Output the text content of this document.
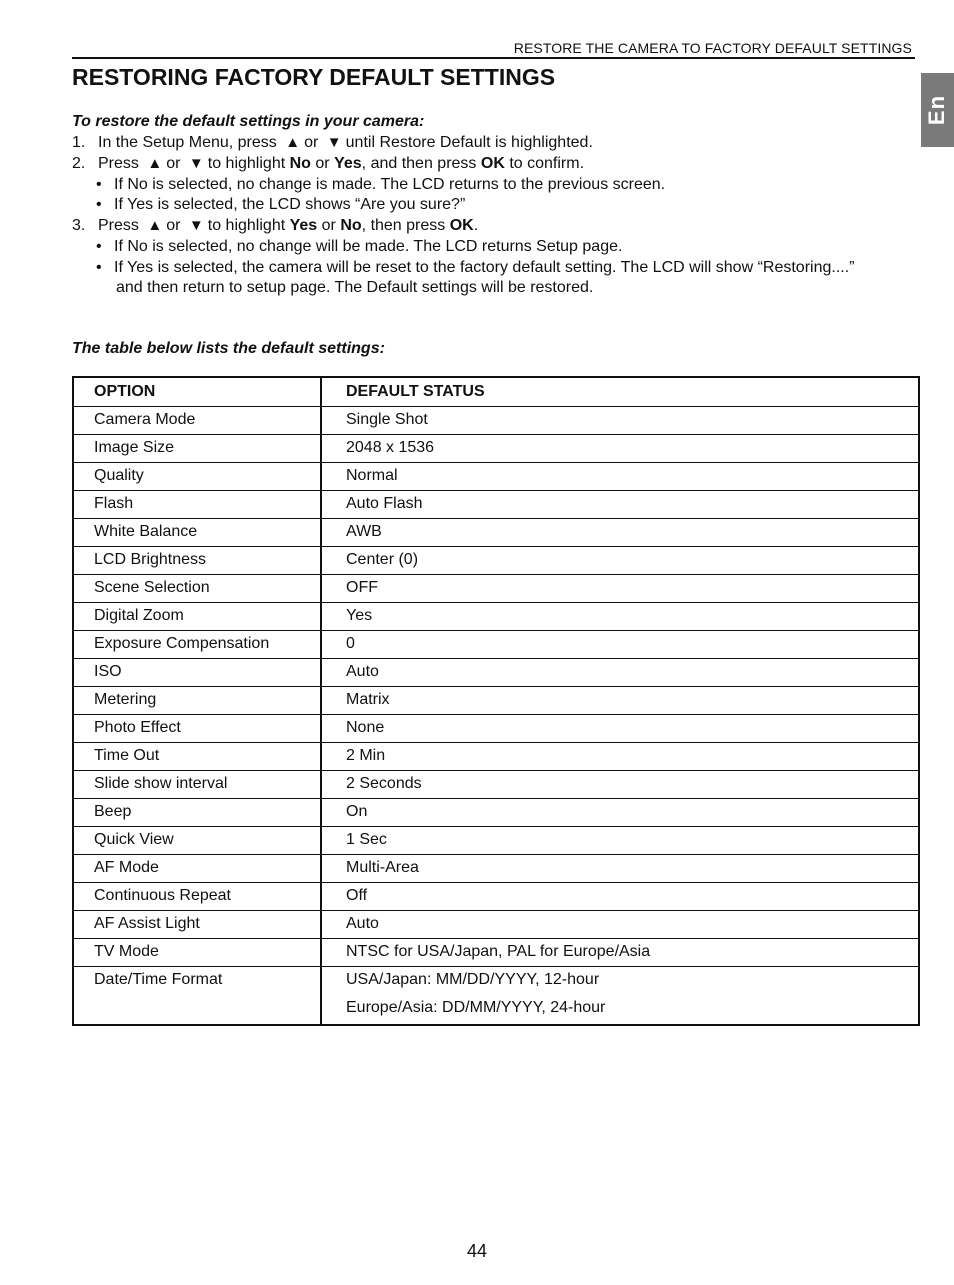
RESTORE THE CAMERA TO FACTORY DEFAULT SETTINGS
En
RESTORING FACTORY DEFAULT SETTINGS
To restore the default settings in your camera:
1. In the Setup Menu, press ▲ or ▼ until Restore Default is highlighted.
2. Press ▲ or ▼ to highlight No or Yes, and then press OK to confirm.
• If No is selected, no change is made. The LCD returns to the previous screen.
• If Yes is selected, the LCD shows “Are you sure?”
3. Press ▲ or ▼ to highlight Yes or No, then press OK.
• If No is selected, no change will be made. The LCD returns Setup page.
• If Yes is selected, the camera will be reset to the factory default setting. The LCD will show “Restoring....”
and then return to setup page. The Default settings will be restored.
The table below lists the default settings:
OPTION	DEFAULT STATUS
Camera Mode	Single Shot
Image Size	2048 x 1536
Quality	Normal
Flash	Auto Flash
White Balance	AWB
LCD Brightness	Center (0)
Scene Selection	OFF
Digital Zoom	Yes
Exposure Compensation	0
ISO	Auto
Metering	Matrix
Photo Effect	None
Time Out	2 Min
Slide show interval	2 Seconds
Beep	On
Quick View	1 Sec
AF Mode	Multi-Area
Continuous Repeat	Off
AF Assist Light	Auto
TV Mode	NTSC for USA/Japan, PAL for Europe/Asia
Date/Time Format	USA/Japan: MM/DD/YYYY, 12-hour
Europe/Asia: DD/MM/YYYY, 24-hour
44
